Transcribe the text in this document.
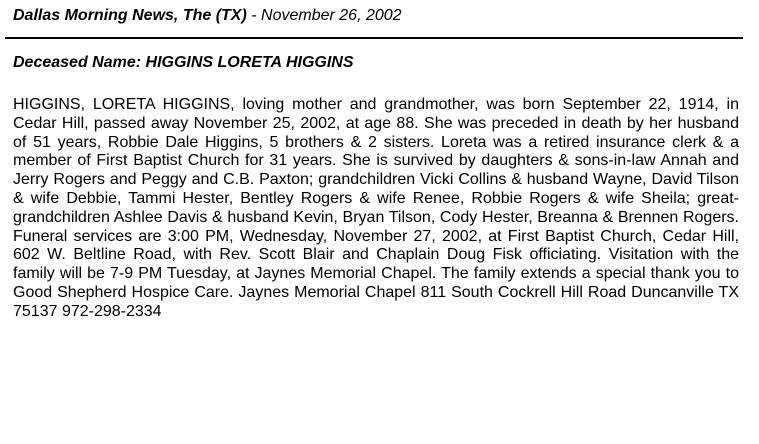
Dallas Morning News, The (TX) - November 26, 2002
Deceased Name: HIGGINS LORETA HIGGINS

HIGGINS, LORETA HIGGINS, loving mother and grandmother, was born September 22, 1914, in Cedar Hill, passed away November 25, 2002, at age 88. She was preceded in death by her husband of 51 years, Robbie Dale Higgins, 5 brothers & 2 sisters. Loreta was a retired insurance clerk & a member of First Baptist Church for 31 years. She is survived by daughters & sons-in-law Annah and Jerry Rogers and Peggy and C.B. Paxton; grandchildren Vicki Collins & husband Wayne, David Tilson & wife Debbie, Tammi Hester, Bentley Rogers & wife Renee, Robbie Rogers & wife Sheila; great-grandchildren Ashlee Davis & husband Kevin, Bryan Tilson, Cody Hester, Breanna & Brennen Rogers. Funeral services are 3:00 PM, Wednesday, November 27, 2002, at First Baptist Church, Cedar Hill, 602 W. Beltline Road, with Rev. Scott Blair and Chaplain Doug Fisk officiating. Visitation with the family will be 7-9 PM Tuesday, at Jaynes Memorial Chapel. The family extends a special thank you to Good Shepherd Hospice Care. Jaynes Memorial Chapel 811 South Cockrell Hill Road Duncanville TX 75137 972-298-2334
